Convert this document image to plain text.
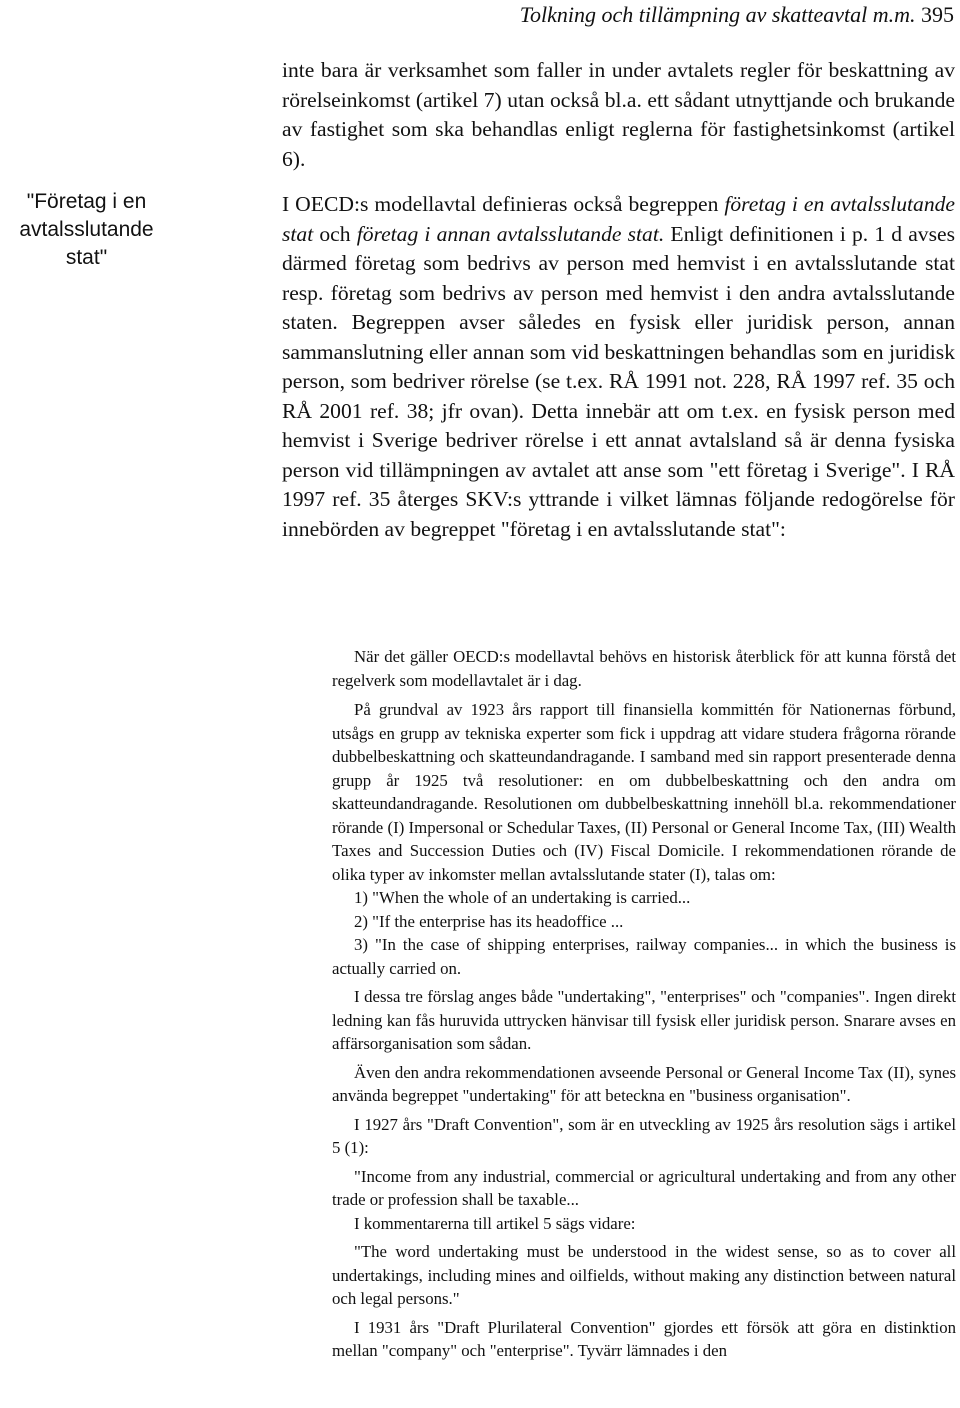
Tolkning och tillämpning av skatteavtal m.m. 395
"Företag i en
avtalsslutande
stat"

inte bara är verksamhet som faller in under avtalets regler för beskattning av rörelseinkomst (artikel 7) utan också bl.a. ett sådant utnyttjande och brukande av fastighet som ska behandlas enligt reglerna för fastighetsinkomst (artikel 6).

I OECD:s modellavtal definieras också begreppen företag i en avtalsslutande stat och företag i annan avtalsslutande stat. Enligt definitionen i p. 1 d avses därmed företag som bedrivs av person med hemvist i en avtalsslutande stat resp. företag som bedrivs av person med hemvist i den andra avtalsslutande staten. Begreppen avser således en fysisk eller juridisk person, annan sammanslutning eller annan som vid beskattningen behandlas som en juridisk person, som bedriver rörelse (se t.ex. RÅ 1991 not. 228, RÅ 1997 ref. 35 och RÅ 2001 ref. 38; jfr ovan). Detta innebär att om t.ex. en fysisk person med hemvist i Sverige bedriver rörelse i ett annat avtalsland så är denna fysiska person vid tillämpningen av avtalet att anse som "ett företag i Sverige". I RÅ 1997 ref. 35 återges SKV:s yttrande i vilket lämnas följande redogörelse för innebörden av begreppet "företag i en avtalsslutande stat":

När det gäller OECD:s modellavtal behövs en historisk återblick för att kunna förstå det regelverk som modellavtalet är i dag.

På grundval av 1923 års rapport till finansiella kommittén för Nationernas förbund, utsågs en grupp av tekniska experter som fick i uppdrag att vidare studera frågorna rörande dubbelbeskattning och skatteundandragande. I samband med sin rapport presenterade denna grupp år 1925 två resolutioner: en om dubbelbeskattning och den andra om skatteundandragande. Resolutionen om dubbelbeskattning innehöll bl.a. rekommendationer rörande (I) Impersonal or Schedular Taxes, (II) Personal or General Income Tax, (III) Wealth Taxes and Succession Duties och (IV) Fiscal Domicile. I rekommendationen rörande de olika typer av inkomster mellan avtalsslutande stater (I), talas om:

1) "When the whole of an undertaking is carried...

2) "If the enterprise has its headoffice ...

3) "In the case of shipping enterprises, railway companies... in which the business is actually carried on.

I dessa tre förslag anges både "undertaking", "enterprises" och "companies". Ingen direkt ledning kan fås huruvida uttrycken hänvisar till fysisk eller juridisk person. Snarare avses en affärsorganisation som sådan.

Även den andra rekommendationen avseende Personal or General Income Tax (II), synes använda begreppet "undertaking" för att beteckna en "business organisation".

I 1927 års "Draft Convention", som är en utveckling av 1925 års resolution sägs i artikel 5 (1):

"Income from any industrial, commercial or agricultural undertaking and from any other trade or profession shall be taxable...

I kommentarerna till artikel 5 sägs vidare:

"The word undertaking must be understood in the widest sense, so as to cover all undertakings, including mines and oilfields, without making any distinction between natural och legal persons."

I 1931 års "Draft Plurilateral Convention" gjordes ett försök att göra en distinktion mellan "company" och "enterprise". Tyvärr lämnades i den
